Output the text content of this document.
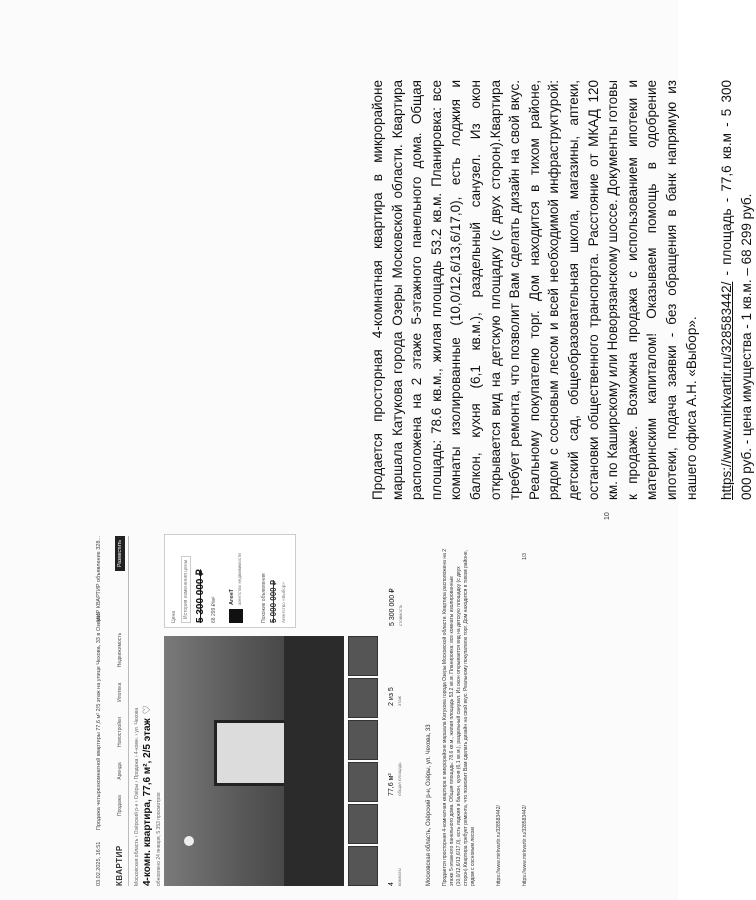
Продается просторная 4-комнатная квартира в микрорайоне маршала Катукова города Озеры Московской области. Квартира расположена на 2 этаже 5-этажного панельного дома. Общая площадь: 78.6 кв.м., жилая площадь 53.2 кв.м. Планировка: все комнаты изолированные (10,0/12,6/13,6/17,0), есть лоджия и балкон, кухня (6,1 кв.м.), раздельный санузел. Из окон открывается вид на детскую площадку (с двух сторон).Квартира требует ремонта, что позволит Вам сделать дизайн на свой вкус. Реальному покупателю торг. Дом находится в тихом районе, рядом с сосновым лесом и всей необходимой инфраструктурой: детский сад, общеобразовательная школа, магазины, аптеки, остановки общественного транспорта. Расстояние от МКАД 120 км. по Каширскому или Новорязанскому шоссе. Документы готовы к продаже. Возможна продажа с использованием ипотеки и материнским капиталом! Оказываем помощь в одобрение ипотеки, подача заявки - без обращения в банк напрямую из нашего офиса А.Н. «Выбор». https://www.mirkvartir.ru/328583442/ - площадь - 77,6 кв.м - 5 300 000 руб. - цена имущества - 1 кв.м. – 68 299 руб.

03.02.2025, 16:51 Продажа четырехкомнатной квартиры 77,6 м² 2/5 этаж на улице Чехова, 33 в Озерах
МИР КВАРТИР объявление 328...
КВАРТИР
Продажа Аренда Новостройки Ипотека Недвижимость
Разместить
Московская область › Озёрский р-н › Озёры › Продажа › 4-комн. › ул. Чехова 4-комн. квартира, 77,6 м², 2/5 этаж♡
обновлено 24 января, 5 353 просмотров
Цена	История изменения цены 5 300 000 ₽ 68 299 ₽/м² АгенТ агентство недвижимости	Похожие объявления 5 000 000 ₽ Агентство «Выбор»
4 комнаты
77,6 м² общая площадь
2 из 5 этаж
5 300 000 ₽ стоимость
Московская область, Озёрский р-н, Озёры, ул. Чехова, 33 Продается просторная 4-комнатная квартира в микрорайоне маршала Катукова города Озеры Московской области. Квартира расположена на 2 этаже 5-этажного панельного дома. Общая площадь: 78.6 кв.м., жилая площадь 53.2 кв.м. Планировка: все комнаты изолированные (10,0/12,6/13,6/17,0), есть лоджия и балкон, кухня (6,1 кв.м.), раздельный санузел. Из окон открывается вид на детскую площадку (с двух сторон).Квартира требует ремонта, что позволит Вам сделать дизайн на свой вкус. Реальному покупателю торг. Дом находится в тихом районе, рядом с сосновым лесом	https://www.mirkvartir.ru/328583442/	https://www.mirkvartir.ru/328583442/
1/3
10
